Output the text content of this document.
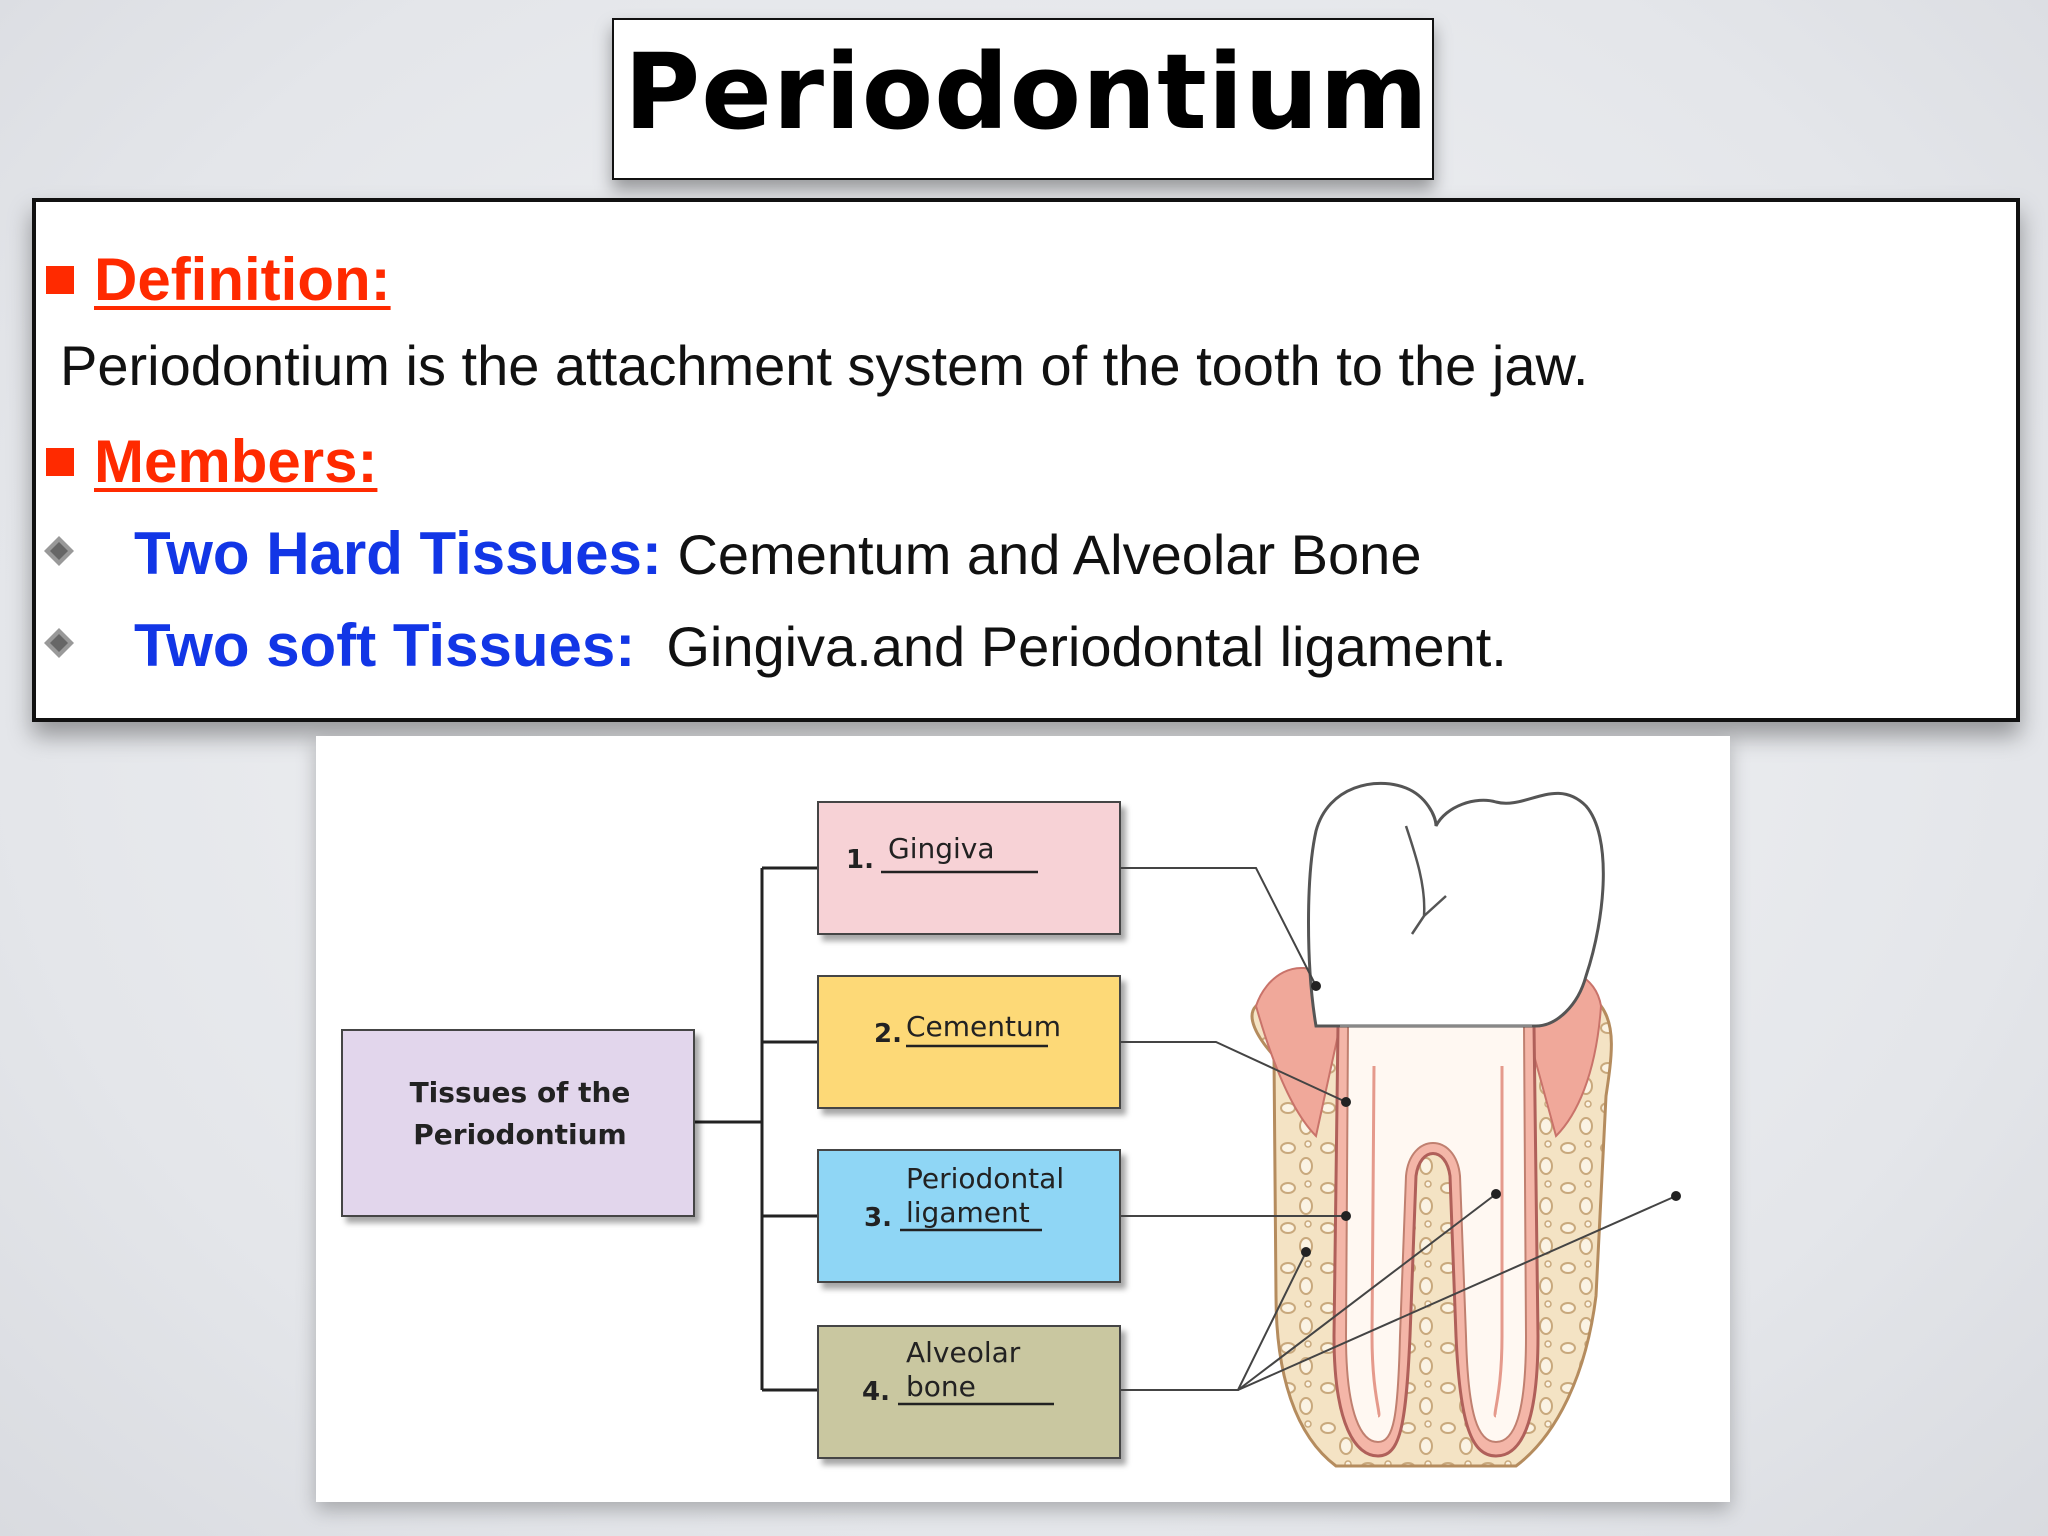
Periodontium
Definition:
Periodontium is the attachment system of the tooth to the jaw.
Members:
Two Hard Tissues: Cementum and Alveolar Bone
Two soft Tissues: Gingiva.and Periodontal ligament.
Tissues of the
Periodontium
1. Gingiva
2. Cementum
Periodontal
3. ligament
Alveolar
4. bone
